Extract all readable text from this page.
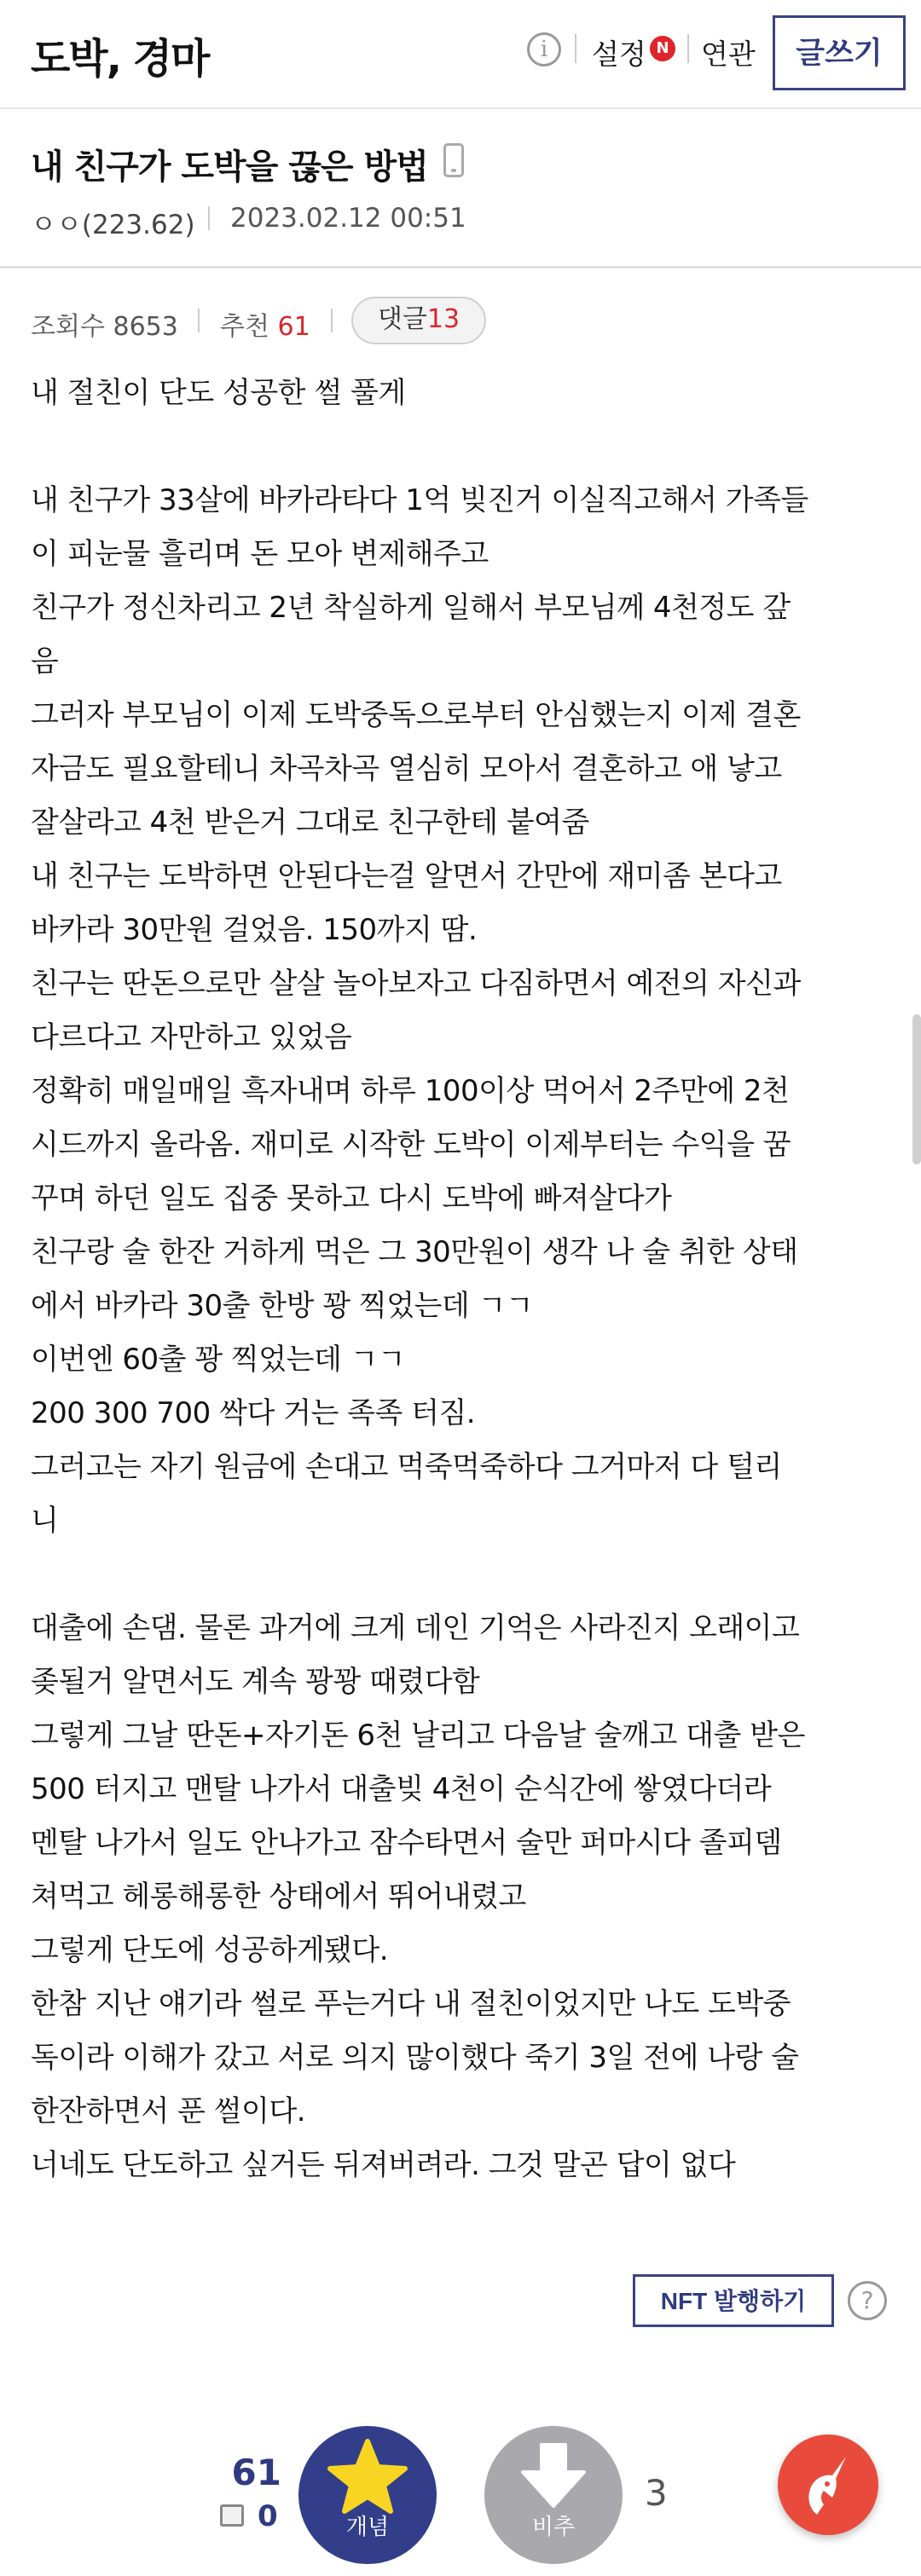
도박, 경마	i	설정 N 연관	글쓰기
내 친구가 도박을 끊은 방법
ㅇㅇ(223.62) 2023.02.12 00:51
조회수 8653 추천 61	댓글13
내 절친이 단도 성공한 썰 풀게
내 친구가 33살에 바카라타다 1억 빚진거 이실직고해서 가족들
이 피눈물 흘리며 돈 모아 변제해주고
친구가 정신차리고 2년 착실하게 일해서 부모님께 4천정도 갚
음
그러자 부모님이 이제 도박중독으로부터 안심했는지 이제 결혼
자금도 필요할테니 차곡차곡 열심히 모아서 결혼하고 애 낳고
잘살라고 4천 받은거 그대로 친구한테 붙여줌
내 친구는 도박하면 안된다는걸 알면서 간만에 재미좀 본다고
바카라 30만원 걸었음. 150까지 땀.
친구는 딴돈으로만 살살 놀아보자고 다짐하면서 예전의 자신과
다르다고 자만하고 있었음
정확히 매일매일 흑자내며 하루 100이상 먹어서 2주만에 2천
시드까지 올라옴. 재미로 시작한 도박이 이제부터는 수익을 꿈
꾸며 하던 일도 집중 못하고 다시 도박에 빠져살다가
친구랑 술 한잔 거하게 먹은 그 30만원이 생각 나 술 취한 상태
에서 바카라 30출 한방 꽝 찍었는데 ㄱㄱ
이번엔 60출 꽝 찍었는데 ㄱㄱ
200 300 700 싹다 거는 족족 터짐.
그러고는 자기 원금에 손대고 먹죽먹죽하다 그거마저 다 털리
니
대출에 손댐. 물론 과거에 크게 데인 기억은 사라진지 오래이고
좆될거 알면서도 계속 꽝꽝 때렸다함
그렇게 그날 딴돈+자기돈 6천 날리고 다음날 술깨고 대출 받은
500 터지고 맨탈 나가서 대출빚 4천이 순식간에 쌓였다더라
멘탈 나가서 일도 안나가고 잠수타면서 술만 퍼마시다 졸피뎀
쳐먹고 헤롱해롱한 상태에서 뛰어내렸고
그렇게 단도에 성공하게됐다.
한참 지난 얘기라 썰로 푸는거다 내 절친이었지만 나도 도박중
독이라 이해가 갔고 서로 의지 많이했다 죽기 3일 전에 나랑 술
한잔하면서 푼 썰이다.
너네도 단도하고 싶거든 뒤져버려라. 그것 말곤 답이 없다
NFT 발행하기	?
61
0	개념	비추
3
